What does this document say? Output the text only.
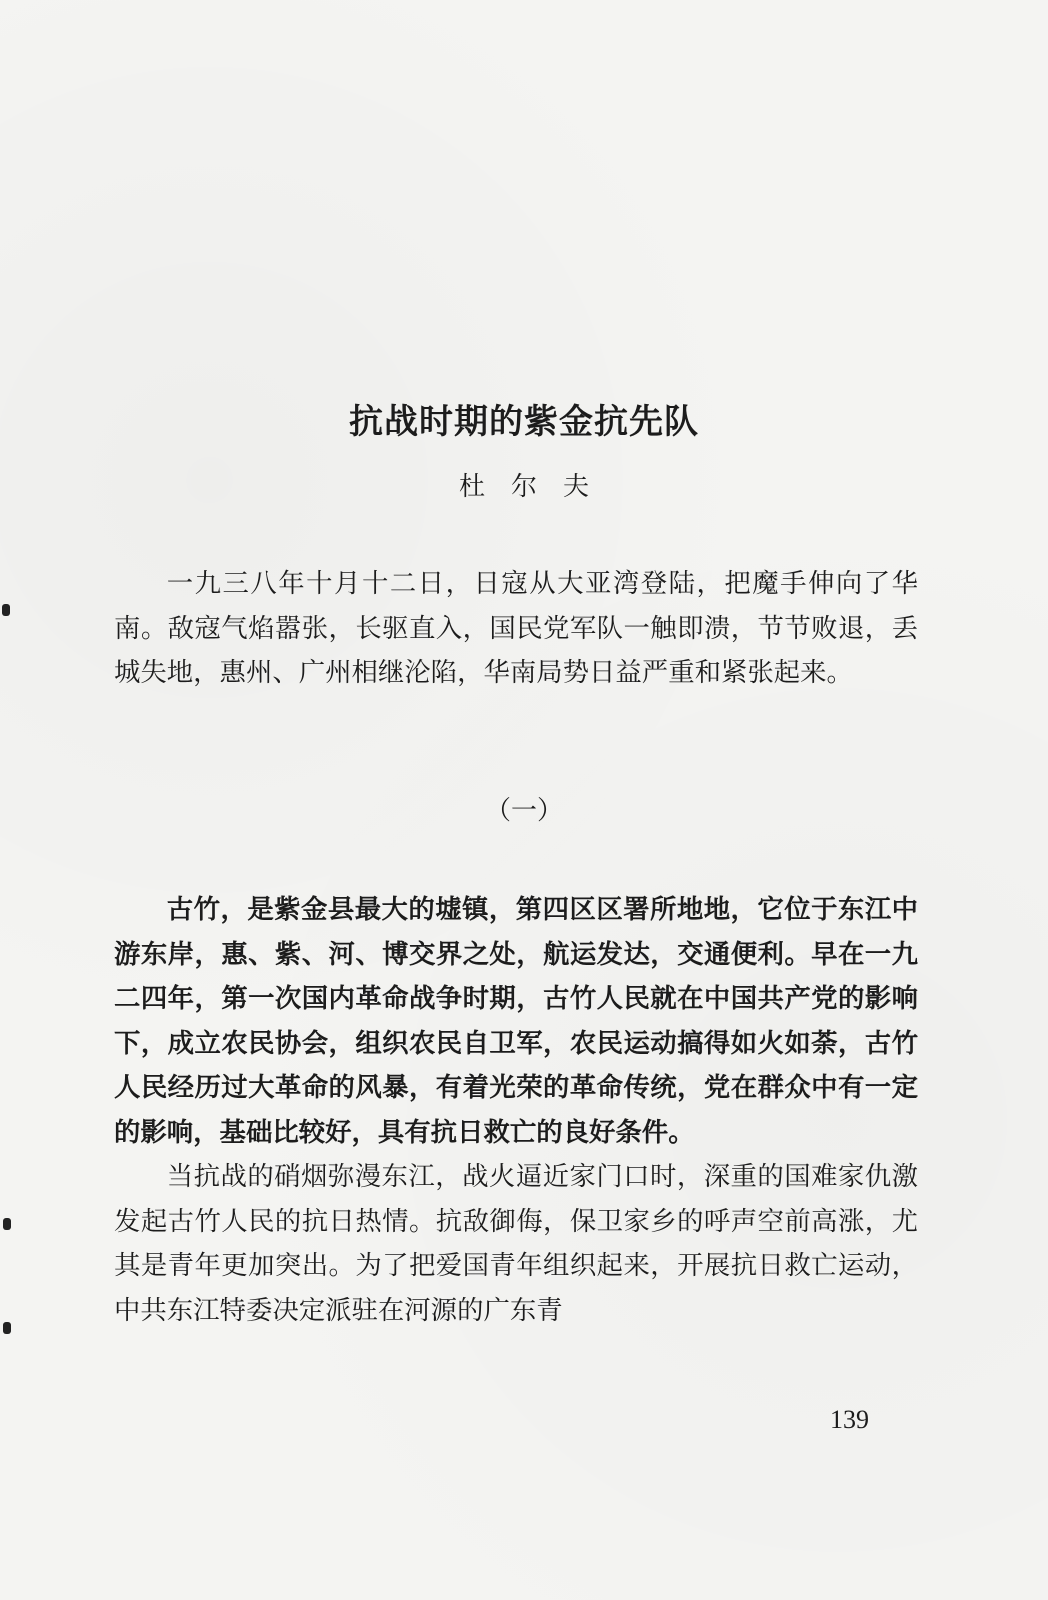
抗战时期的紫金抗先队
杜尔夫

一九三八年十月十二日，日寇从大亚湾登陆，把魔手伸向了华南。敌寇气焰嚣张，长驱直入，国民党军队一触即溃，节节败退，丢城失地，惠州、广州相继沦陷，华南局势日益严重和紧张起来。

（一）

古竹，是紫金县最大的墟镇，第四区区署所地地，它位于东江中游东岸，惠、紫、河、博交界之处，航运发达，交通便利。早在一九二四年，第一次国内革命战争时期，古竹人民就在中国共产党的影响下，成立农民协会，组织农民自卫军，农民运动搞得如火如荼，古竹人民经历过大革命的风暴，有着光荣的革命传统，党在群众中有一定的影响，基础比较好，具有抗日救亡的良好条件。

当抗战的硝烟弥漫东江，战火逼近家门口时，深重的国难家仇激发起古竹人民的抗日热情。抗敌御侮，保卫家乡的呼声空前高涨，尤其是青年更加突出。为了把爱国青年组织起来，开展抗日救亡运动，中共东江特委决定派驻在河源的广东青

139
